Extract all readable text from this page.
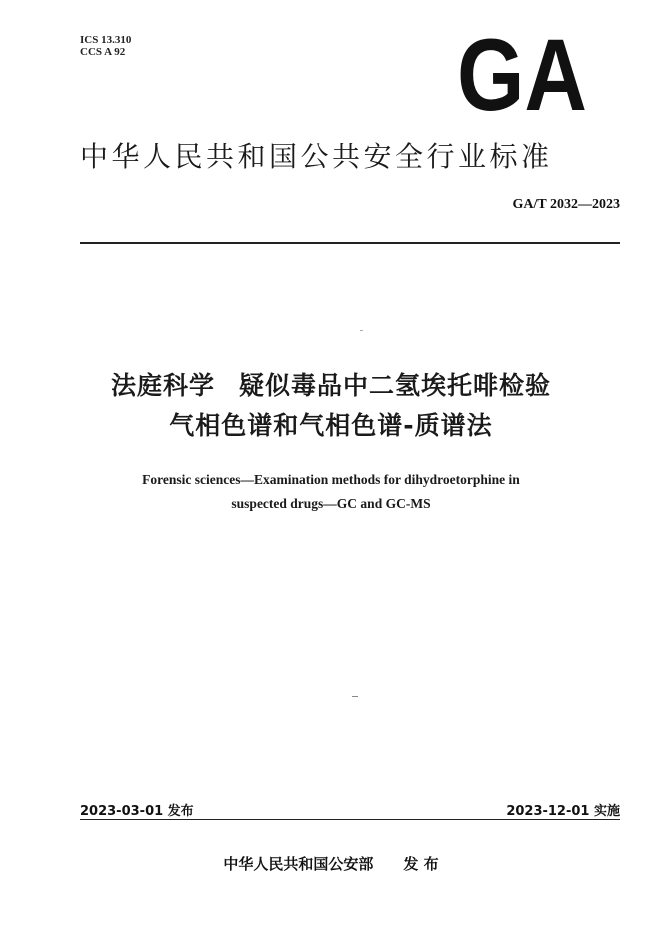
ICS 13.310
CCS A 92	GA
中华人民共和国公共安全行业标准
GA/T 2032—2023
法庭科学 疑似毒品中二氢埃托啡检验
气相色谱和气相色谱-质谱法
Forensic sciences—Examination methods for dihydroetorphine in
suspected drugs—GC and GC-MS
2023-03-01 发布	2023-12-01 实施
中华人民共和国公安部 发 布
